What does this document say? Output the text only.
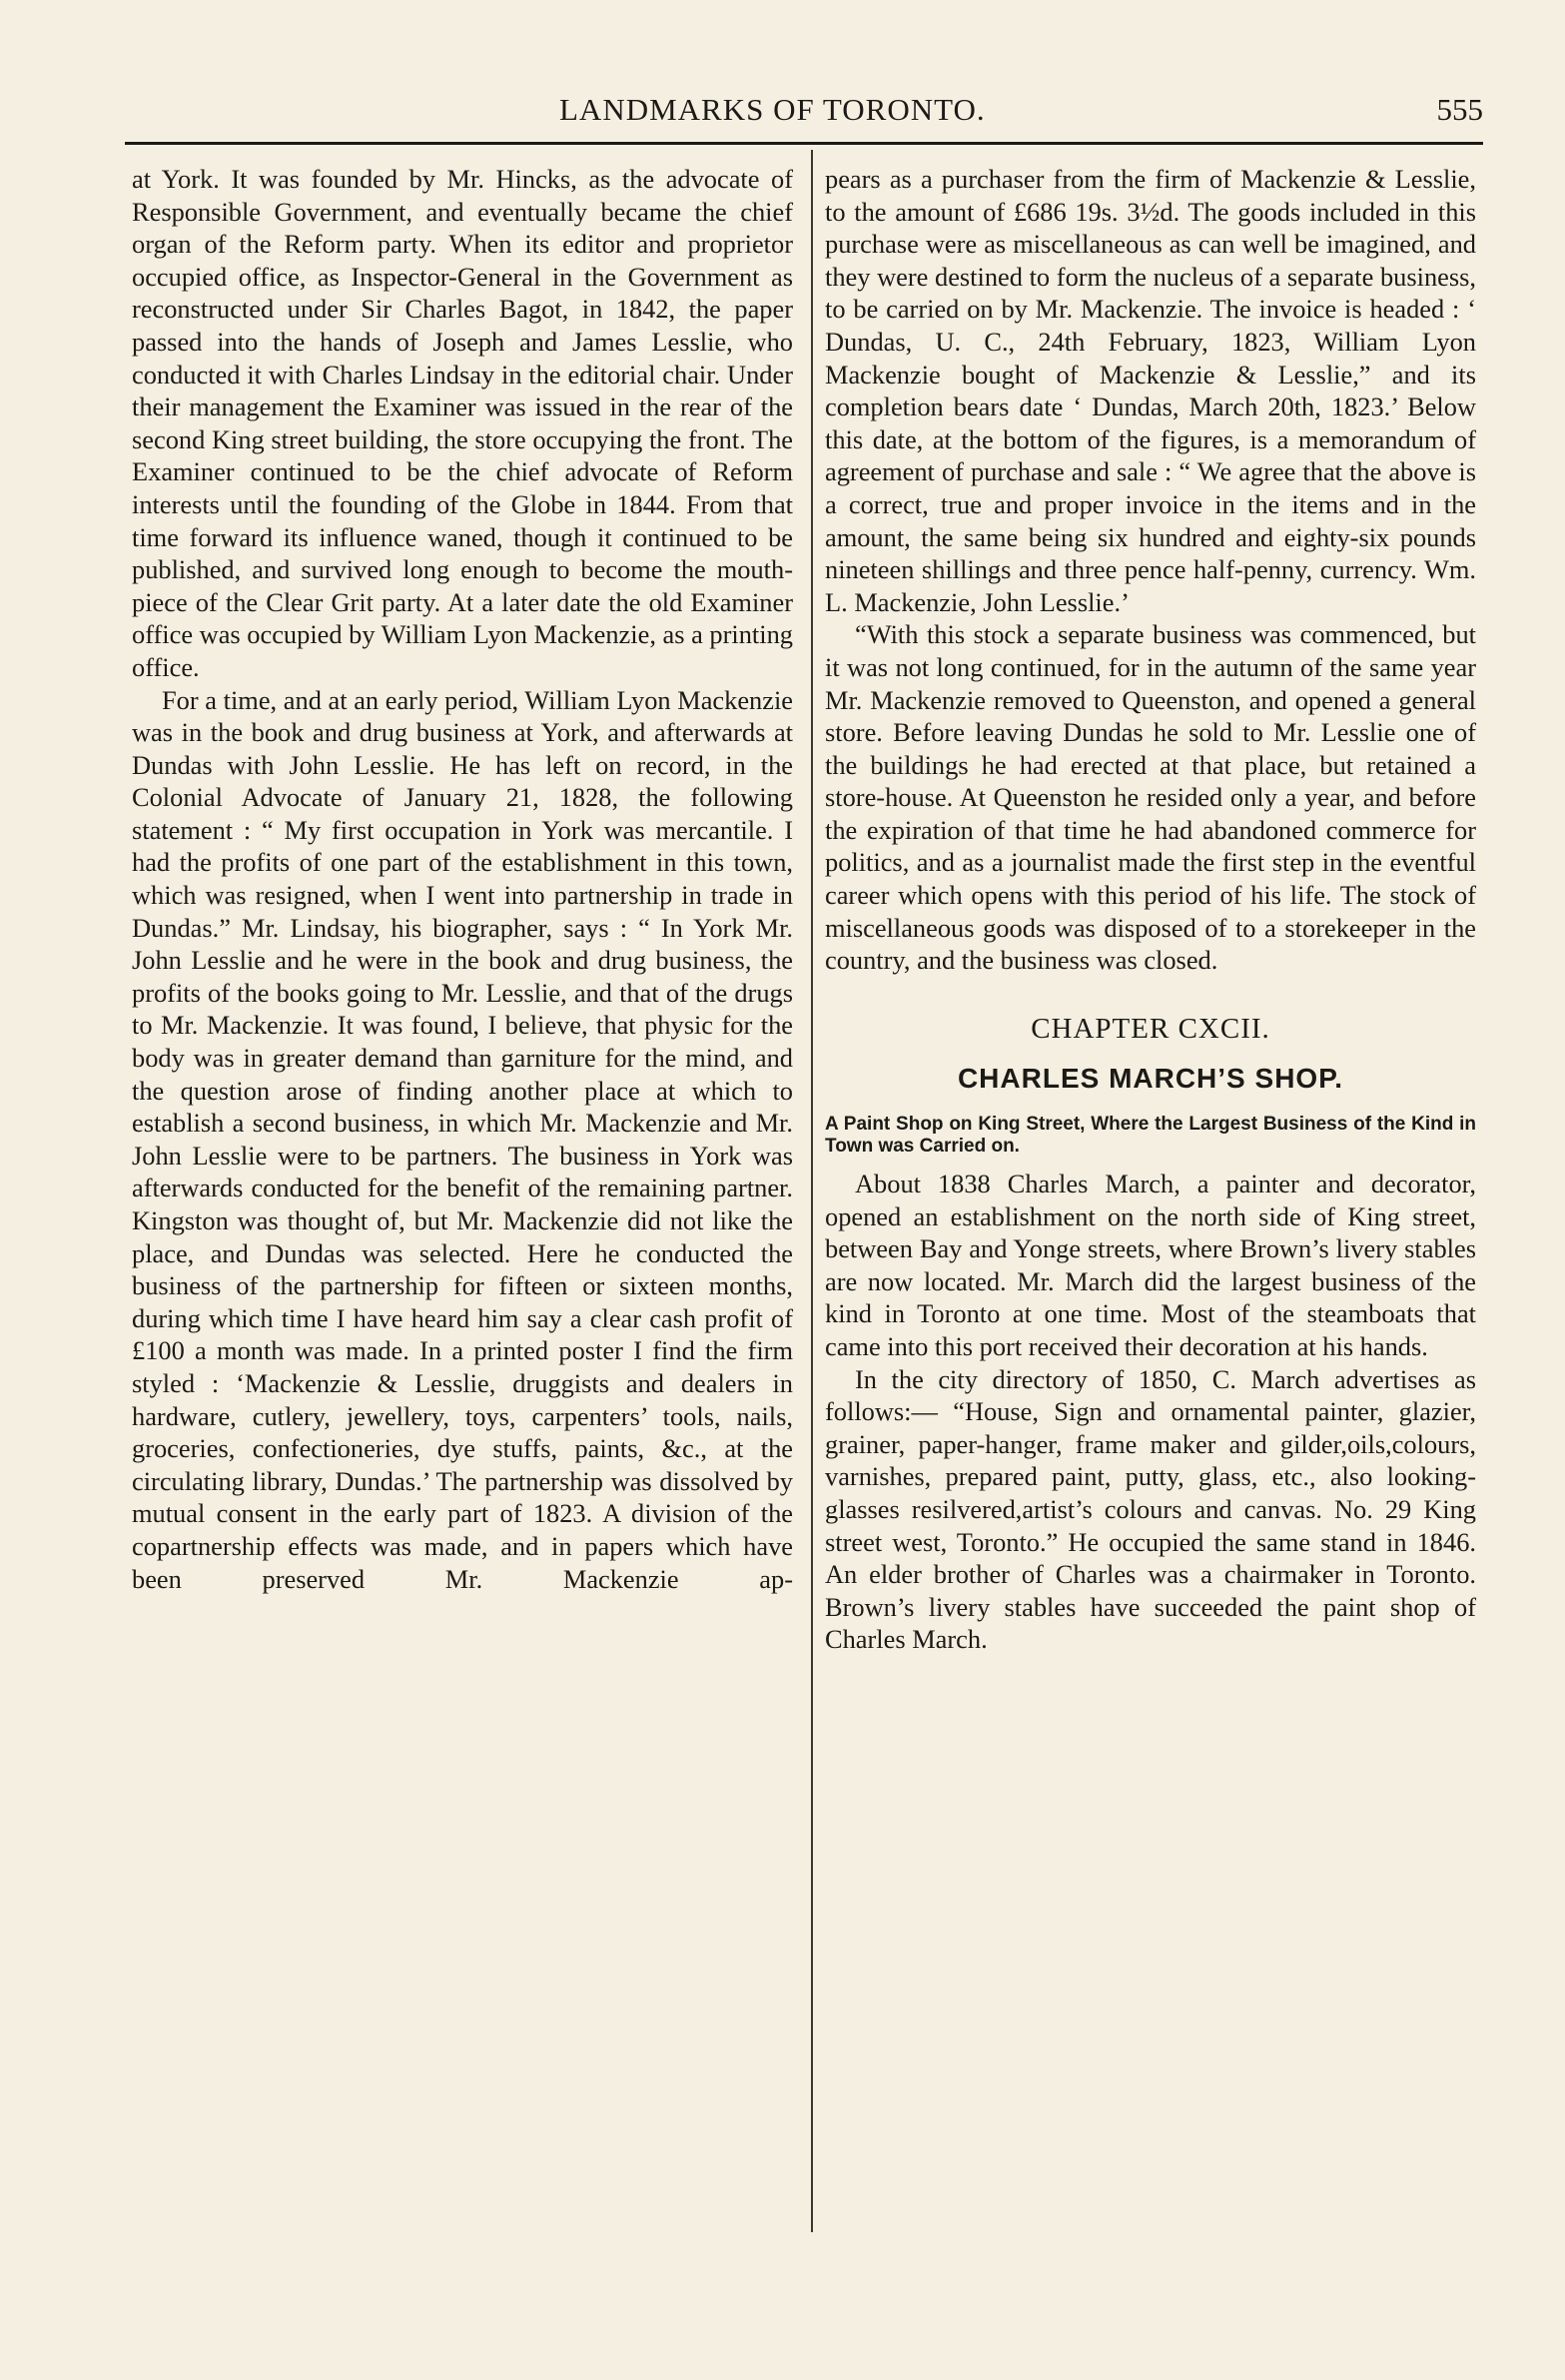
LANDMARKS OF TORONTO.	555

at York. It was founded by Mr. Hincks, as the advocate of Responsible Government, and eventually became the chief organ of the Reform party. When its editor and proprietor occupied office, as Inspector-General in the Government as reconstructed under Sir Charles Bagot, in 1842, the paper passed into the hands of Joseph and James Lesslie, who conducted it with Charles Lindsay in the editorial chair. Under their management the Examiner was issued in the rear of the second King street building, the store occupying the front. The Examiner continued to be the chief advocate of Reform interests until the founding of the Globe in 1844. From that time forward its influence waned, though it continued to be published, and survived long enough to become the mouth-piece of the Clear Grit party. At a later date the old Examiner office was occupied by William Lyon Mackenzie, as a printing office.

For a time, and at an early period, William Lyon Mackenzie was in the book and drug business at York, and afterwards at Dundas with John Lesslie. He has left on record, in the Colonial Advocate of January 21, 1828, the following statement : “ My first occupation in York was mercantile. I had the profits of one part of the establishment in this town, which was resigned, when I went into partnership in trade in Dundas.” Mr. Lindsay, his biographer, says : “ In York Mr. John Lesslie and he were in the book and drug business, the profits of the books going to Mr. Lesslie, and that of the drugs to Mr. Mackenzie. It was found, I believe, that physic for the body was in greater demand than garniture for the mind, and the question arose of finding another place at which to establish a second business, in which Mr. Mackenzie and Mr. John Lesslie were to be partners. The business in York was afterwards conducted for the benefit of the remaining partner. Kingston was thought of, but Mr. Mackenzie did not like the place, and Dundas was selected. Here he conducted the business of the partnership for fifteen or sixteen months, during which time I have heard him say a clear cash profit of £100 a month was made. In a printed poster I find the firm styled : ‘Mackenzie & Lesslie, druggists and dealers in hardware, cutlery, jewellery, toys, carpenters’ tools, nails, groceries, confectioneries, dye stuffs, paints, &c., at the circulating library, Dundas.’ The partnership was dissolved by mutual consent in the early part of 1823. A division of the copartnership effects was made, and in papers which have been preserved Mr. Mackenzie ap-

pears as a purchaser from the firm of Mackenzie & Lesslie, to the amount of £686 19s. 3½d. The goods included in this purchase were as miscellaneous as can well be imagined, and they were destined to form the nucleus of a separate business, to be carried on by Mr. Mackenzie. The invoice is headed : ‘ Dundas, U. C., 24th February, 1823, William Lyon Mackenzie bought of Mackenzie & Lesslie,” and its completion bears date ‘ Dundas, March 20th, 1823.’ Below this date, at the bottom of the figures, is a memorandum of agreement of purchase and sale : “ We agree that the above is a correct, true and proper invoice in the items and in the amount, the same being six hundred and eighty-six pounds nineteen shillings and three pence half-penny, currency. Wm. L. Mackenzie, John Lesslie.’

“With this stock a separate business was commenced, but it was not long continued, for in the autumn of the same year Mr. Mackenzie removed to Queenston, and opened a general store. Before leaving Dundas he sold to Mr. Lesslie one of the buildings he had erected at that place, but retained a store-house. At Queenston he resided only a year, and before the expiration of that time he had abandoned commerce for politics, and as a journalist made the first step in the eventful career which opens with this period of his life. The stock of miscellaneous goods was disposed of to a storekeeper in the country, and the business was closed.

CHAPTER CXCII.
CHARLES MARCH’S SHOP.
A Paint Shop on King Street, Where the Largest Business of the Kind in Town was Carried on.

About 1838 Charles March, a painter and decorator, opened an establishment on the north side of King street, between Bay and Yonge streets, where Brown’s livery stables are now located. Mr. March did the largest business of the kind in Toronto at one time. Most of the steamboats that came into this port received their decoration at his hands.

In the city directory of 1850, C. March advertises as follows:— “House, Sign and ornamental painter, glazier, grainer, paper-hanger, frame maker and gilder,oils,colours, varnishes, prepared paint, putty, glass, etc., also looking-glasses resilvered,artist’s colours and canvas. No. 29 King street west, Toronto.” He occupied the same stand in 1846. An elder brother of Charles was a chairmaker in Toronto. Brown’s livery stables have succeeded the paint shop of Charles March.
